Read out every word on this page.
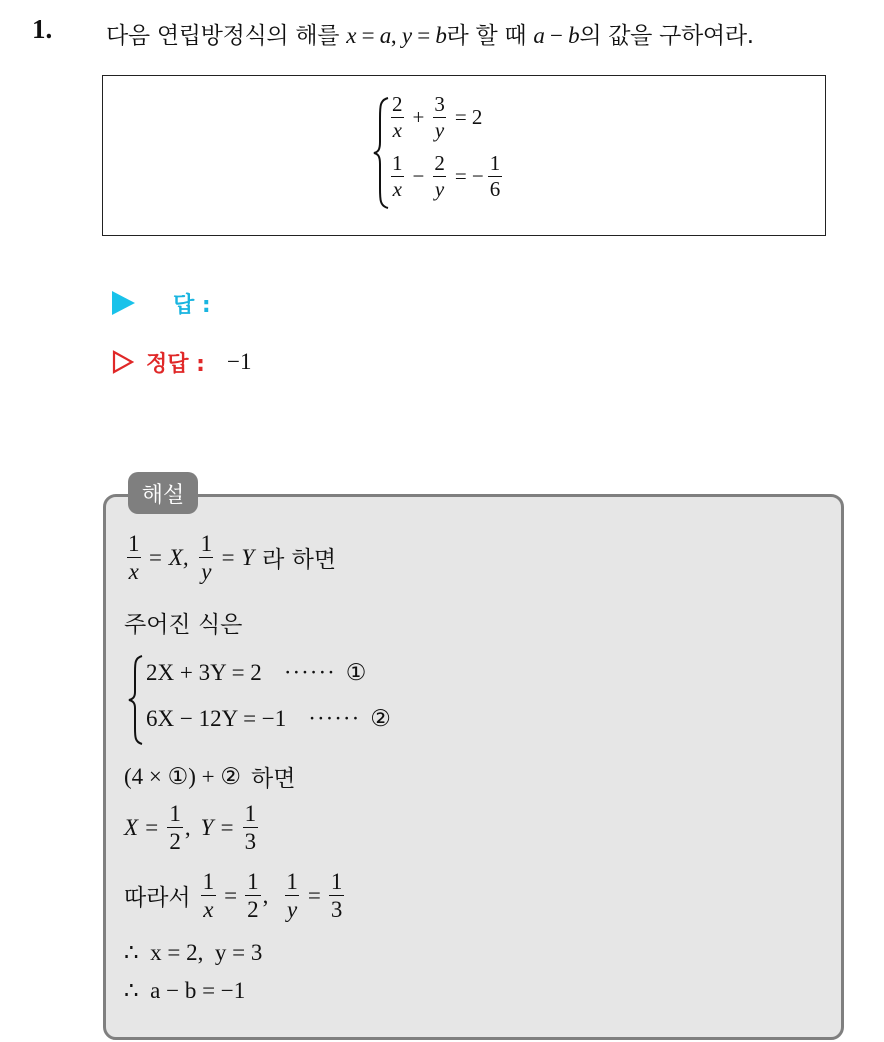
1. 다음 연립방정식의 해를 x = a, y = b라 할 때 a − b의 값을 구하여라.
$\frac{2}{x} + \frac{3}{y} = 2$
$\frac{1}{x} - \frac{2}{y}$ = − $\frac{1}{6}$
답 :
정답 : −1
해설
$\frac{1}{x} = X$, $\frac{1}{y} = Y$ 라 하면
주어진 식은
2X + 3Y = 2 ······ ①
6X − 12Y = −1 ······ ②
(4 × ①) + ② 하면
$X = \frac{1}{2}$ , $Y = \frac{1}{3}$
따라서 $\frac{1}{x} = \frac{1}{2}$ , $\frac{1}{y} = \frac{1}{3}$
∴  x = 2,  y = 3
∴  a − b = −1
